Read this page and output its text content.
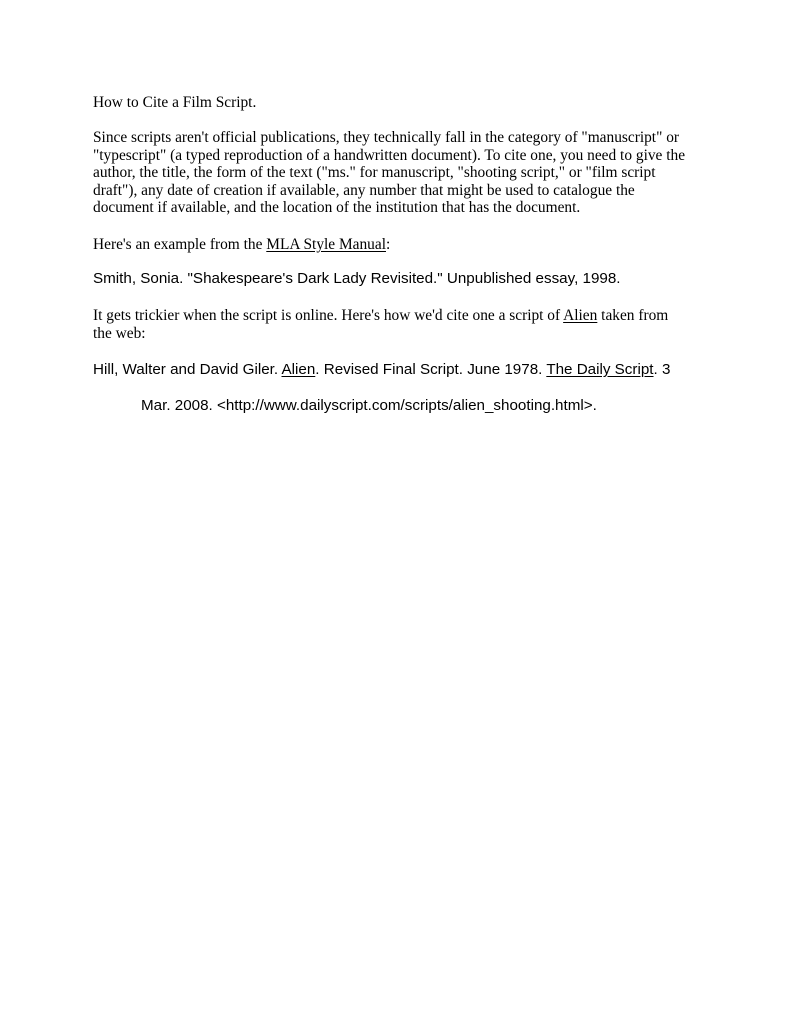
How to Cite a Film Script.
Since scripts aren't official publications, they technically fall in the category of "manuscript" or
"typescript" (a typed reproduction of a handwritten document). To cite one, you need to give the
author, the title, the form of the text ("ms." for manuscript, "shooting script," or "film script
draft"), any date of creation if available, any number that might be used to catalogue the
document if available, and the location of the institution that has the document.
Here's an example from the MLA Style Manual:
Smith, Sonia. "Shakespeare's Dark Lady Revisited." Unpublished essay, 1998.
It gets trickier when the script is online. Here's how we'd cite one a script of Alien taken from
the web:
Hill, Walter and David Giler. Alien. Revised Final Script. June 1978. The Daily Script. 3
Mar. 2008. <http://www.dailyscript.com/scripts/alien_shooting.html>.
